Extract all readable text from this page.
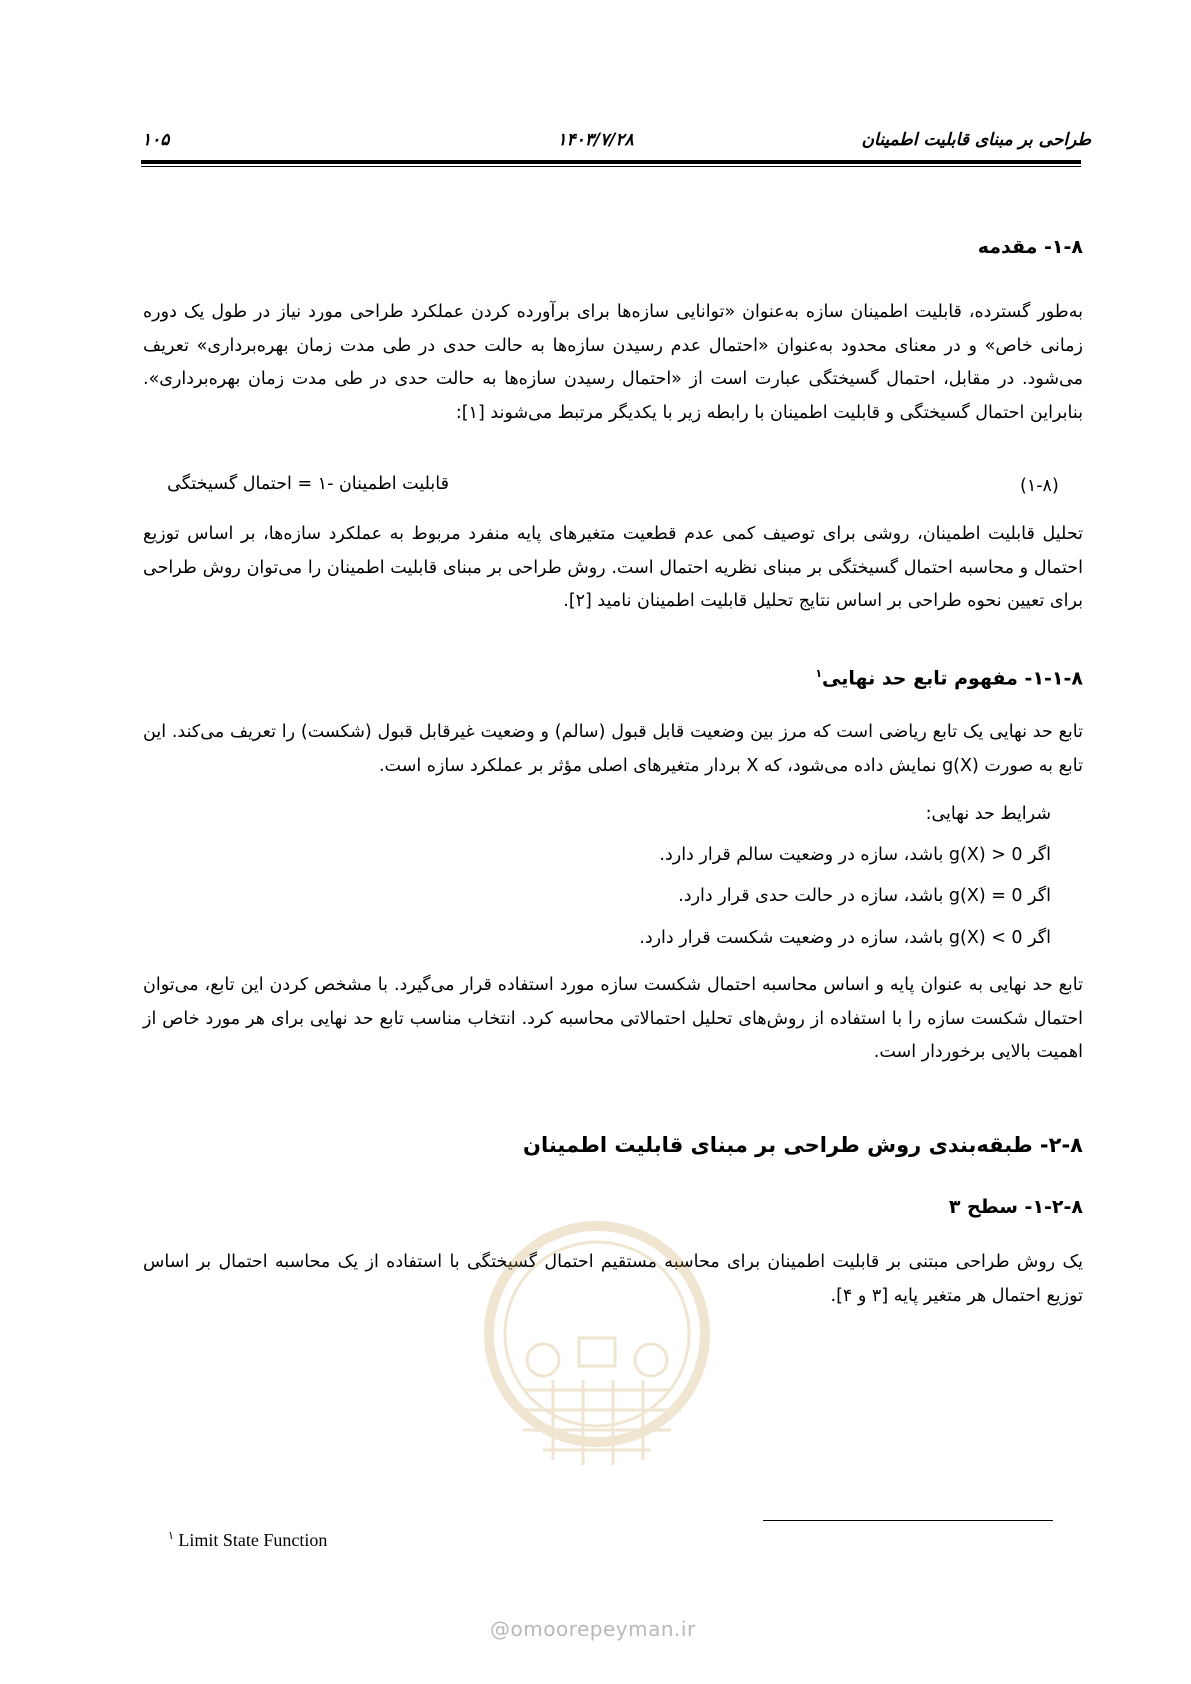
طراحی بر مبنای قابلیت اطمینان
۱۴۰۳/۷/۲۸
۱۰۵
۱-۸- مقدمه
به‌طور گسترده، قابلیت اطمینان سازه به‌عنوان «توانایی سازه‌ها برای برآورده کردن عملکرد طراحی مورد نیاز در طول یک دوره زمانی خاص» و در معنای محدود به‌عنوان «احتمال عدم رسیدن سازه‌ها به حالت حدی در طی مدت زمان بهره‌برداری» تعریف می‌شود. در مقابل، احتمال گسیختگی عبارت است از «احتمال رسیدن سازه‌ها به حالت حدی در طی مدت زمان بهره‌برداری». بنابراین احتمال گسیختگی و قابلیت اطمینان با رابطه زیر با یکدیگر مرتبط می‌شوند [۱]:
قابلیت اطمینان -۱ = احتمال گسیختگی	(۱-۸)
تحلیل قابلیت اطمینان، روشی برای توصیف کمی عدم قطعیت متغیرهای پایه منفرد مربوط به عملکرد سازه‌ها، بر اساس توزیع احتمال و محاسبه احتمال گسیختگی بر مبنای نظریه احتمال است. روش طراحی بر مبنای قابلیت اطمینان را می‌توان روش طراحی برای تعیین نحوه طراحی بر اساس نتایج تحلیل قابلیت اطمینان نامید [۲].
۱-۱-۸- مفهوم تابع حد نهایی$^۱$
تابع حد نهایی یک تابع ریاضی است که مرز بین وضعیت قابل قبول (سالم) و وضعیت غیرقابل قبول (شکست) را تعریف می‌کند. این تابع به صورت g(X) نمایش داده می‌شود، که X بردار متغیرهای اصلی مؤثر بر عملکرد سازه است.
شرایط حد نهایی:
اگر g(X) > 0 باشد، سازه در وضعیت سالم قرار دارد.
اگر g(X) = 0 باشد، سازه در حالت حدی قرار دارد.
اگر g(X) < 0 باشد، سازه در وضعیت شکست قرار دارد.
تابع حد نهایی به عنوان پایه و اساس محاسبه احتمال شکست سازه مورد استفاده قرار می‌گیرد. با مشخص کردن این تابع، می‌توان احتمال شکست سازه را با استفاده از روش‌های تحلیل احتمالاتی محاسبه کرد. انتخاب مناسب تابع حد نهایی برای هر مورد خاص از اهمیت بالایی برخوردار است.
۲-۸- طبقه‌بندی روش طراحی بر مبنای قابلیت اطمینان
۱-۲-۸- سطح ۳
یک روش طراحی مبتنی بر قابلیت اطمینان برای محاسبه مستقیم احتمال گسیختگی با استفاده از یک محاسبه احتمال بر اساس توزیع احتمال هر متغیر پایه [۳ و ۴].
@omoorepeyman.ir
$^۱$ Limit State Function
